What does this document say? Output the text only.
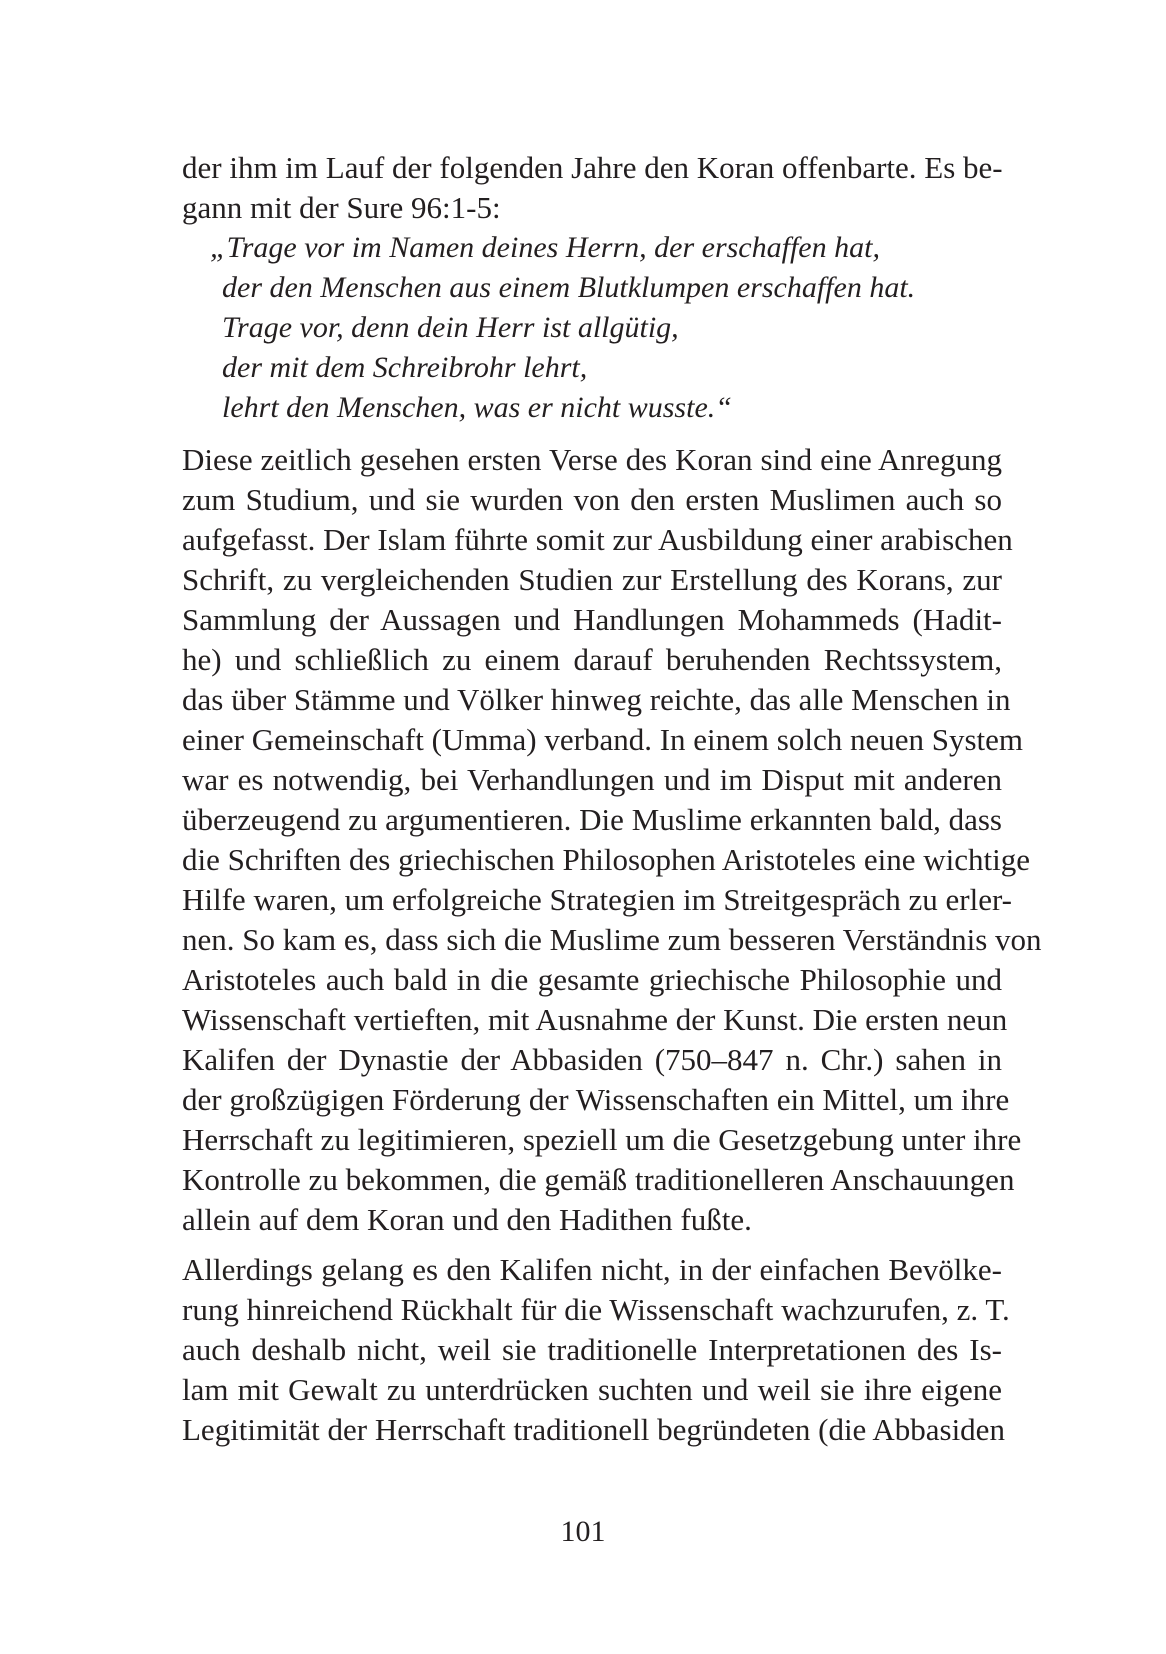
der ihm im Lauf der folgenden Jahre den Koran offenbarte. Es be-
gann mit der Sure 96:1-5:
„Trage vor im Namen deines Herrn, der erschaffen hat,
der den Menschen aus einem Blutklumpen erschaffen hat.
Trage vor, denn dein Herr ist allgütig,
der mit dem Schreibrohr lehrt,
lehrt den Menschen, was er nicht wusste.“
Diese zeitlich gesehen ersten Verse des Koran sind eine Anregung
zum Studium, und sie wurden von den ersten Muslimen auch so
aufgefasst. Der Islam führte somit zur Ausbildung einer arabischen
Schrift, zu vergleichenden Studien zur Erstellung des Korans, zur
Sammlung der Aussagen und Handlungen Mohammeds (Hadit-
he) und schließlich zu einem darauf beruhenden Rechtssystem,
das über Stämme und Völker hinweg reichte, das alle Menschen in
einer Gemeinschaft (Umma) verband. In einem solch neuen System
war es notwendig, bei Verhandlungen und im Disput mit anderen
überzeugend zu argumentieren. Die Muslime erkannten bald, dass
die Schriften des griechischen Philosophen Aristoteles eine wichtige
Hilfe waren, um erfolgreiche Strategien im Streitgespräch zu erler-
nen. So kam es, dass sich die Muslime zum besseren Verständnis von
Aristoteles auch bald in die gesamte griechische Philosophie und
Wissenschaft vertieften, mit Ausnahme der Kunst. Die ersten neun
Kalifen der Dynastie der Abbasiden (750–847 n. Chr.) sahen in
der großzügigen Förderung der Wissenschaften ein Mittel, um ihre
Herrschaft zu legitimieren, speziell um die Gesetzgebung unter ihre
Kontrolle zu bekommen, die gemäß traditionelleren Anschauungen
allein auf dem Koran und den Hadithen fußte.
Allerdings gelang es den Kalifen nicht, in der einfachen Bevölke-
rung hinreichend Rückhalt für die Wissenschaft wachzurufen, z. T.
auch deshalb nicht, weil sie traditionelle Interpretationen des Is-
lam mit Gewalt zu unterdrücken suchten und weil sie ihre eigene
Legitimität der Herrschaft traditionell begründeten (die Abbasiden
101
